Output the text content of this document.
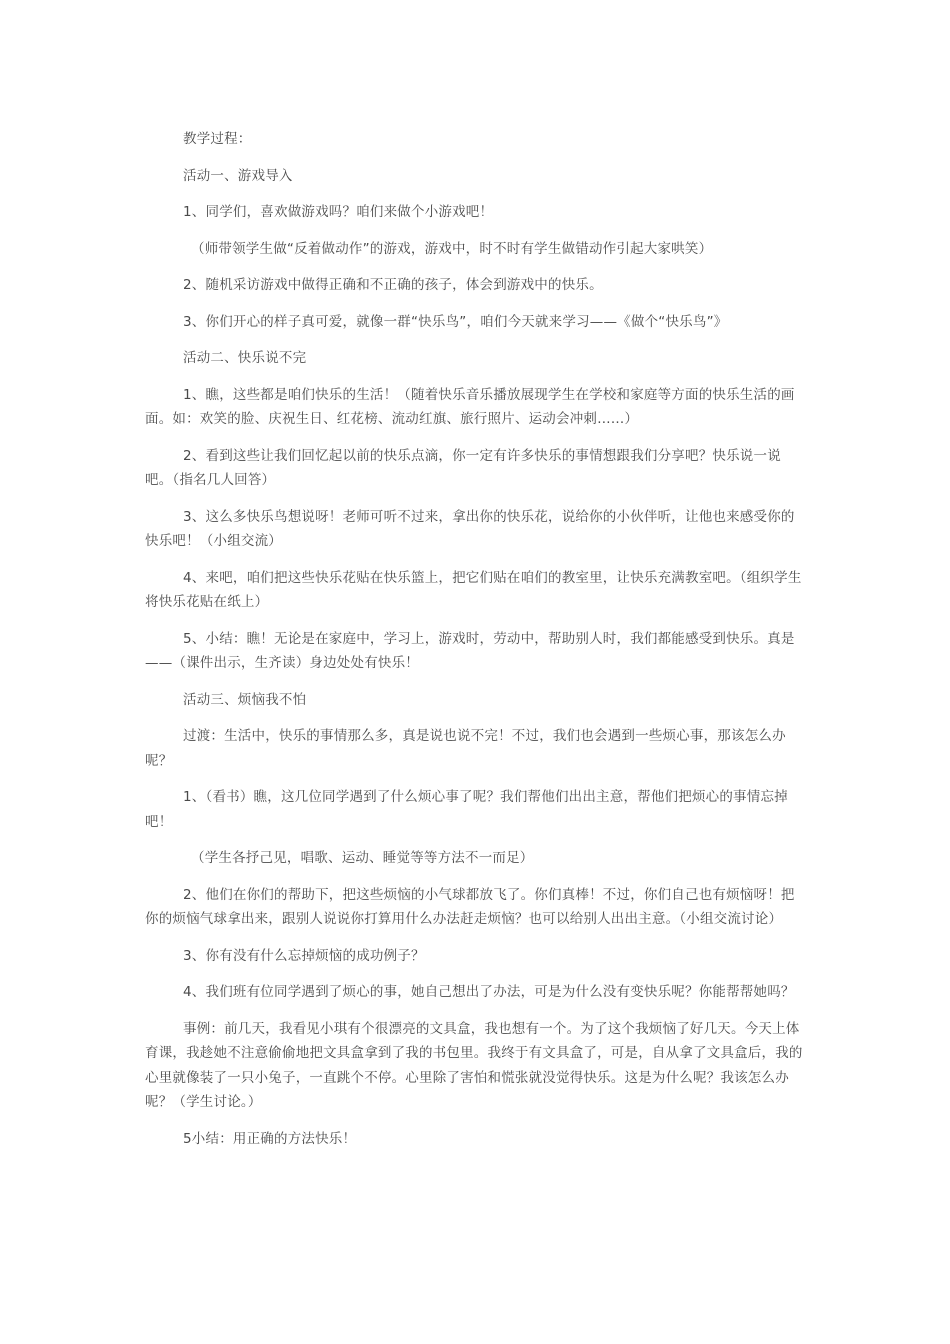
教学过程：

活动一、游戏导入

1、同学们，喜欢做游戏吗？咱们来做个小游戏吧！

（师带领学生做“反着做动作”的游戏，游戏中，时不时有学生做错动作引起大家哄笑）

2、随机采访游戏中做得正确和不正确的孩子，体会到游戏中的快乐。

3、你们开心的样子真可爱，就像一群“快乐鸟”，咱们今天就来学习——《做个“快乐鸟”》

活动二、快乐说不完

1、瞧，这些都是咱们快乐的生活！（随着快乐音乐播放展现学生在学校和家庭等方面的快乐生活的画面。如：欢笑的脸、庆祝生日、红花榜、流动红旗、旅行照片、运动会冲刺……）

2、看到这些让我们回忆起以前的快乐点滴，你一定有许多快乐的事情想跟我们分享吧？快乐说一说吧。（指名几人回答）

3、这么多快乐鸟想说呀！老师可听不过来，拿出你的快乐花，说给你的小伙伴听，让他也来感受你的快乐吧！（小组交流）

4、来吧，咱们把这些快乐花贴在快乐篮上，把它们贴在咱们的教室里，让快乐充满教室吧。（组织学生将快乐花贴在纸上）

5、小结：瞧！无论是在家庭中，学习上，游戏时，劳动中，帮助别人时，我们都能感受到快乐。真是——（课件出示，生齐读）身边处处有快乐！

活动三、烦恼我不怕

过渡：生活中，快乐的事情那么多，真是说也说不完！不过，我们也会遇到一些烦心事，那该怎么办呢？

1、（看书）瞧，这几位同学遇到了什么烦心事了呢？我们帮他们出出主意，帮他们把烦心的事情忘掉吧！

（学生各抒己见，唱歌、运动、睡觉等等方法不一而足）

2、他们在你们的帮助下，把这些烦恼的小气球都放飞了。你们真棒！不过，你们自己也有烦恼呀！把你的烦恼气球拿出来，跟别人说说你打算用什么办法赶走烦恼？也可以给别人出出主意。（小组交流讨论）

3、你有没有什么忘掉烦恼的成功例子？

4、我们班有位同学遇到了烦心的事，她自己想出了办法，可是为什么没有变快乐呢？你能帮帮她吗？

事例：前几天，我看见小琪有个很漂亮的文具盒，我也想有一个。为了这个我烦恼了好几天。今天上体育课，我趁她不注意偷偷地把文具盒拿到了我的书包里。我终于有文具盒了，可是，自从拿了文具盒后，我的心里就像装了一只小兔子，一直跳个不停。心里除了害怕和慌张就没觉得快乐。这是为什么呢？我该怎么办呢？（学生讨论。）

5小结：用正确的方法快乐！
